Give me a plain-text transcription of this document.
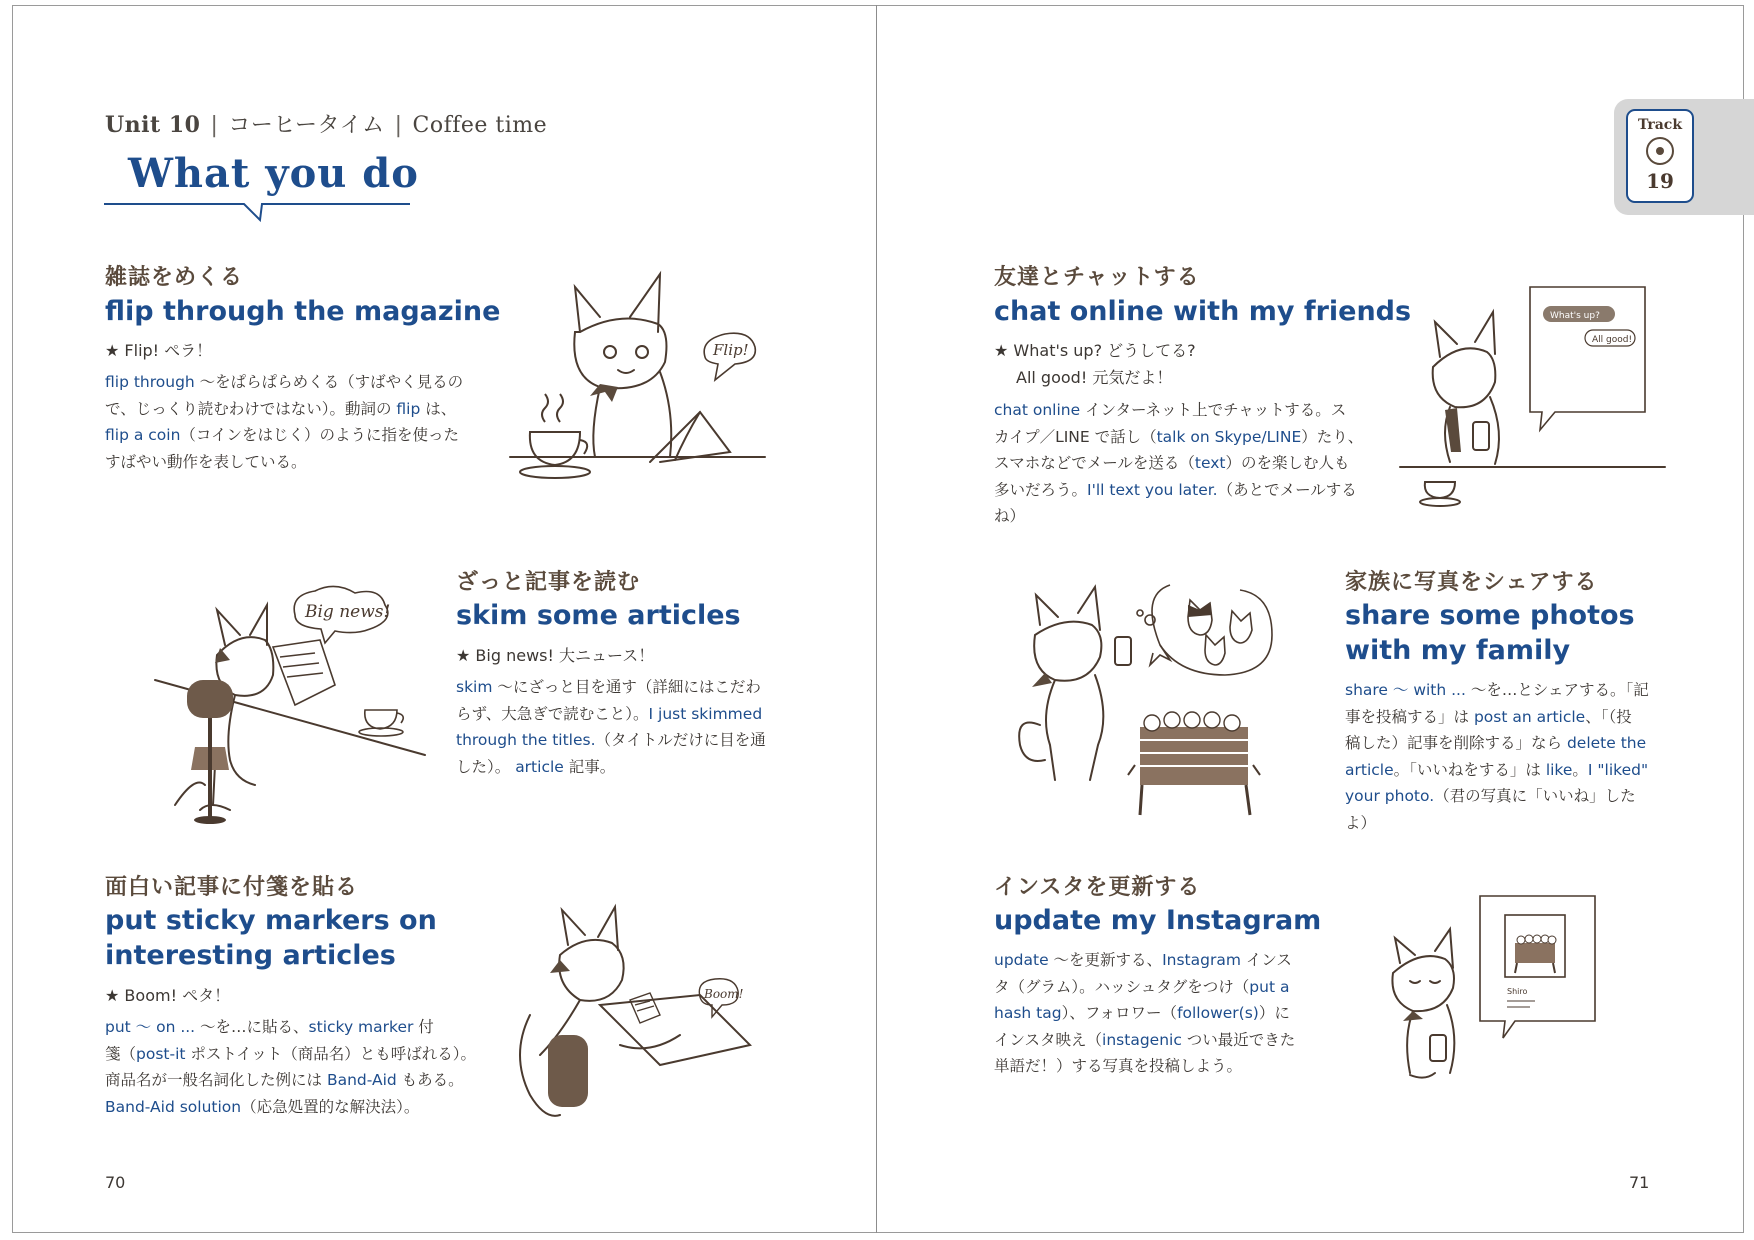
Unit 10 | コーヒータイム | Coffee time
What you do
Track
19
雑誌をめくる
flip through the magazine
★ Flip! ペラ！
flip through 〜をぱらぱらめくる（すばやく見るの
で、じっくり読むわけではない）。動詞の flip は、
flip a coin（コインをはじく）のように指を使った
すばやい動作を表している。
Flip!
ざっと記事を読む
skim some articles
★ Big news! 大ニュース！
skim 〜にざっと目を通す（詳細にはこだわ
らず、大急ぎで読むこと）。I just skimmed
through the titles.（タイトルだけに目を通
した）。 article 記事。
Big news!
面白い記事に付箋を貼る
put sticky markers on
interesting articles
★ Boom! ペタ！
put 〜 on ... 〜を…に貼る、sticky marker 付
箋（post-it ポストイット（商品名）とも呼ばれる）。
商品名が一般名詞化した例には Band-Aid もある。
Band-Aid solution（応急処置的な解決法）。
Boom!
友達とチャットする
chat online with my friends
★ What's up? どうしてる?
All good! 元気だよ！
chat online インターネット上でチャットする。ス
カイプ／LINE で話し（talk on Skype/LINE）たり、
スマホなどでメールを送る（text）のを楽しむ人も
多いだろう。I'll text you later.（あとでメールする
ね）
What's up?
All good!
家族に写真をシェアする
share some photos
with my family
share 〜 with ... 〜を…とシェアする。「記
事を投稿する」は post an article、「（投
稿した）記事を削除する」なら delete the
article。「いいねをする」は like。I "liked"
your photo.（君の写真に「いいね」したよ）
インスタを更新する
update my Instagram
update 〜を更新する、Instagram インス
タ（グラム）。ハッシュタグをつけ（put a
hash tag）、フォロワー（follower(s)）に
インスタ映え（instagenic つい最近できた
単語だ！）する写真を投稿しよう。
Shiro
70	71
